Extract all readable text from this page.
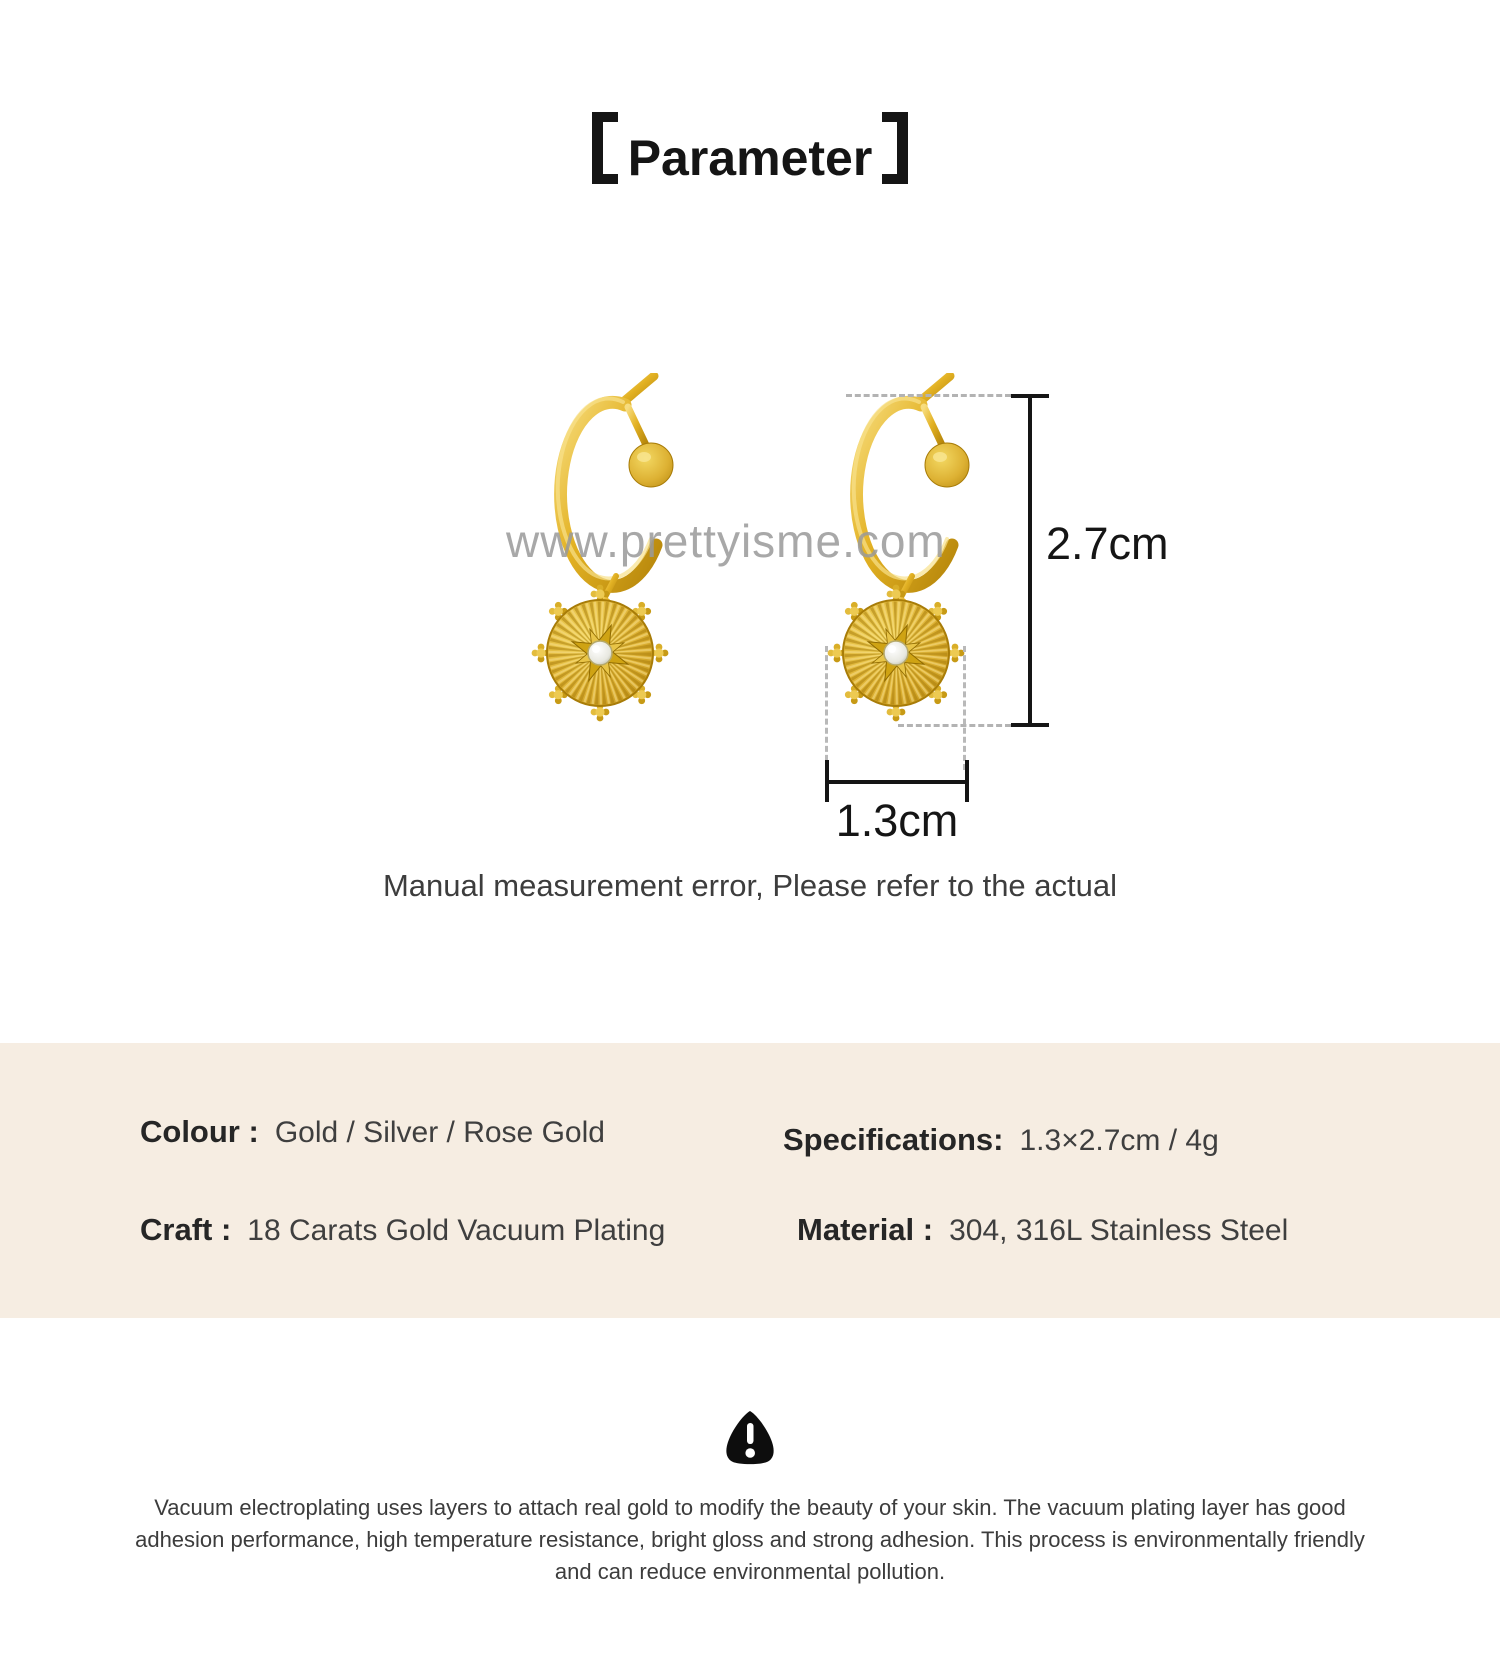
Parameter
www.prettyisme.com 2.7cm
1.3cm
Manual measurement error, Please refer to the actual
Colour : Gold / Silver / Rose Gold	Specifications: 1.3×2.7cm / 4g
Craft : 18 Carats Gold Vacuum Plating	Material : 304, 316L Stainless Steel
Vacuum electroplating uses layers to attach real gold to modify the beauty of your skin. The vacuum plating layer has good adhesion performance, high temperature resistance, bright gloss and strong adhesion. This process is environmentally friendly and can reduce environmental pollution.
